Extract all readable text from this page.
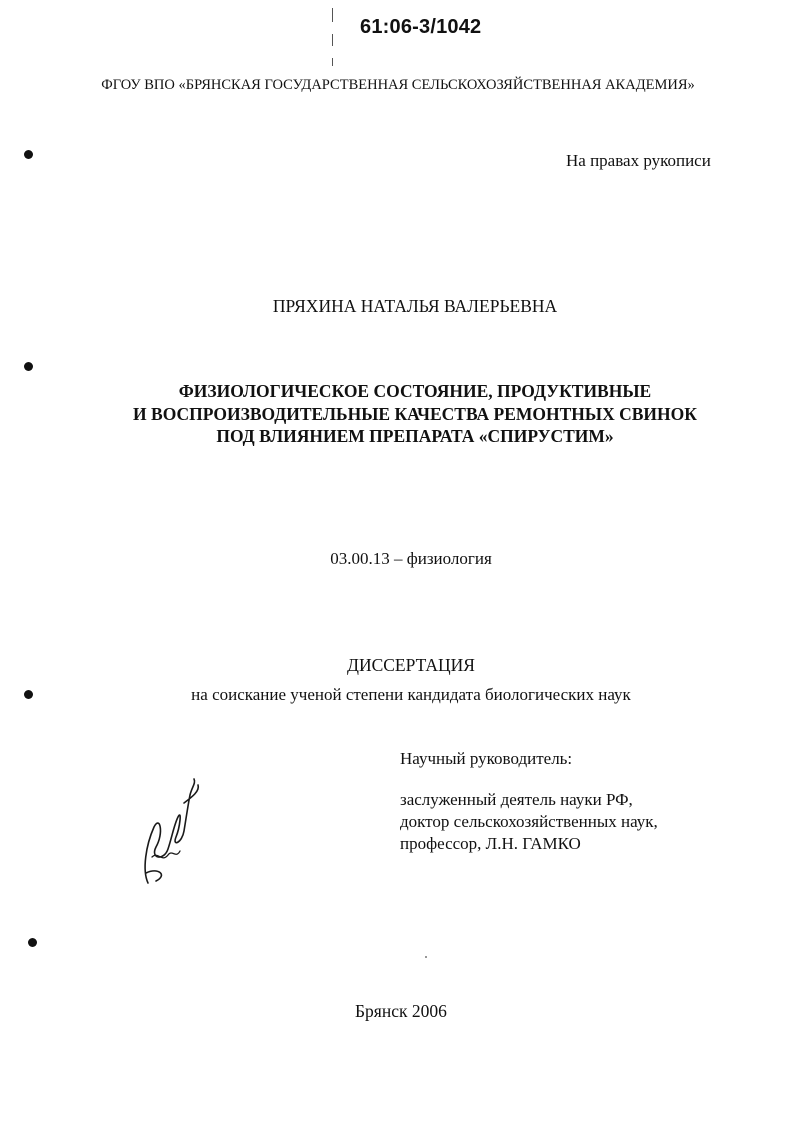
61:06-3/1042
ФГОУ ВПО «БРЯНСКАЯ ГОСУДАРСТВЕННАЯ СЕЛЬСКОХОЗЯЙСТВЕННАЯ АКАДЕМИЯ»
На правах рукописи
ПРЯХИНА НАТАЛЬЯ ВАЛЕРЬЕВНА
ФИЗИОЛОГИЧЕСКОЕ СОСТОЯНИЕ, ПРОДУКТИВНЫЕ
И ВОСПРОИЗВОДИТЕЛЬНЫЕ КАЧЕСТВА РЕМОНТНЫХ СВИНОК
ПОД ВЛИЯНИЕМ ПРЕПАРАТА «СПИРУСТИМ»
03.00.13 – физиология
ДИССЕРТАЦИЯ
на соискание ученой степени кандидата биологических наук
Научный руководитель:
заслуженный деятель науки РФ,
доктор сельскохозяйственных наук,
профессор, Л.Н. ГАМКО
Брянск 2006
